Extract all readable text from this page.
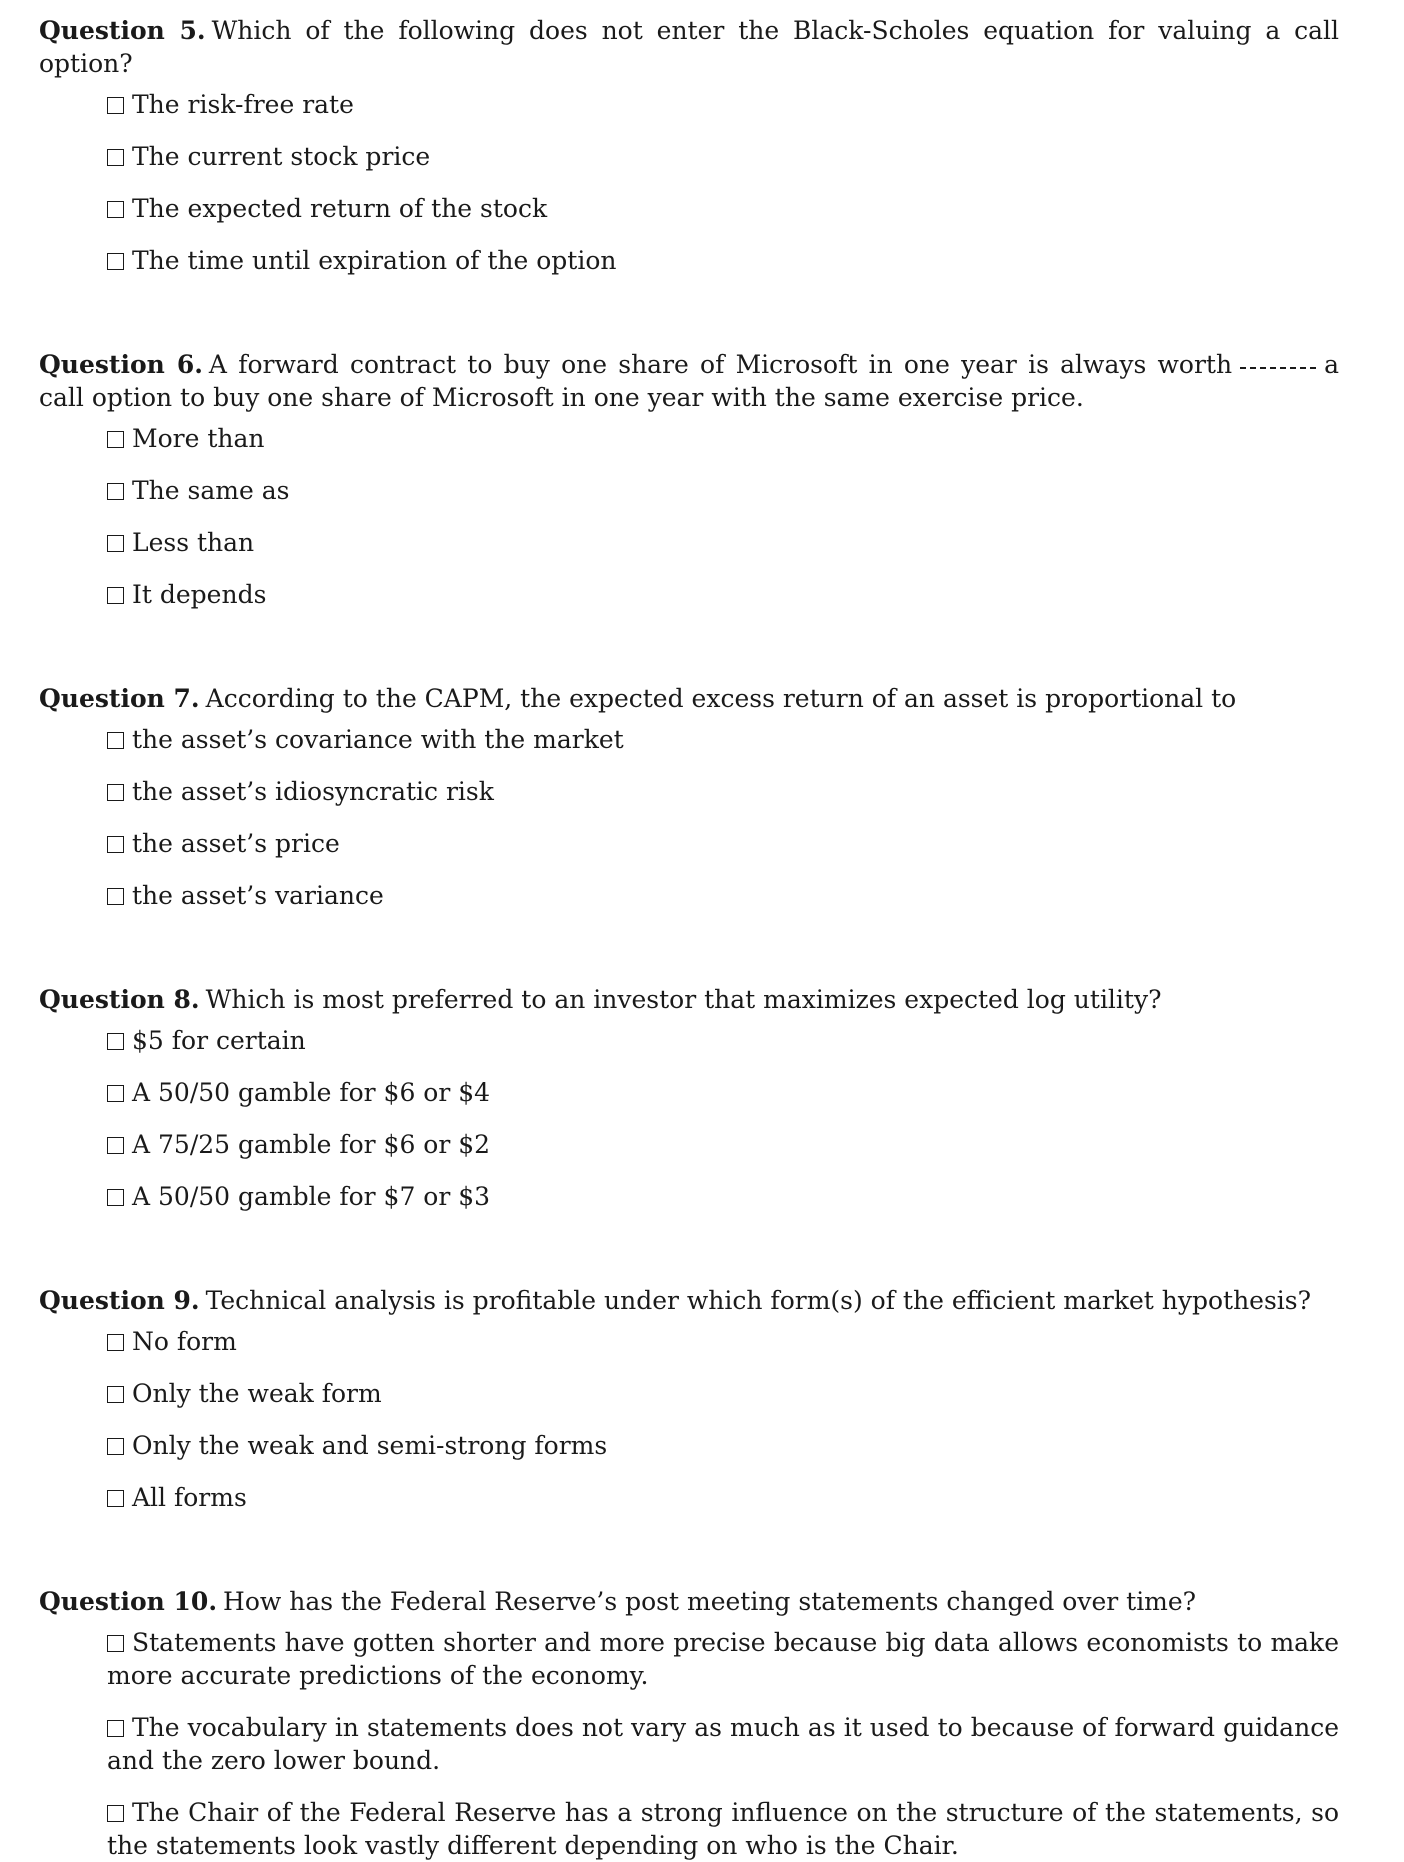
Question 5. Which of the following does not enter the Black-Scholes equation for valuing a call option?

The risk-free rate
The current stock price
The expected return of the stock
The time until expiration of the option

Question 6. A forward contract to buy one share of Microsoft in one year is always worth	a call option to buy one share of Microsoft in one year with the same exercise price.

More than
The same as
Less than
It depends

Question 7. According to the CAPM, the expected excess return of an asset is proportional to

the asset’s covariance with the market
the asset’s idiosyncratic risk
the asset’s price
the asset’s variance

Question 8. Which is most preferred to an investor that maximizes expected log utility?

$5 for certain
A 50/50 gamble for $6 or $4
A 75/25 gamble for $6 or $2
A 50/50 gamble for $7 or $3

Question 9. Technical analysis is profitable under which form(s) of the efficient market hypothesis?

No form
Only the weak form
Only the weak and semi-strong forms
All forms

Question 10. How has the Federal Reserve’s post meeting statements changed over time?

Statements have gotten shorter and more precise because big data allows economists to make more accurate predictions of the economy.
The vocabulary in statements does not vary as much as it used to because of forward guidance and the zero lower bound.
The Chair of the Federal Reserve has a strong influence on the structure of the statements, so the statements look vastly different depending on who is the Chair.
